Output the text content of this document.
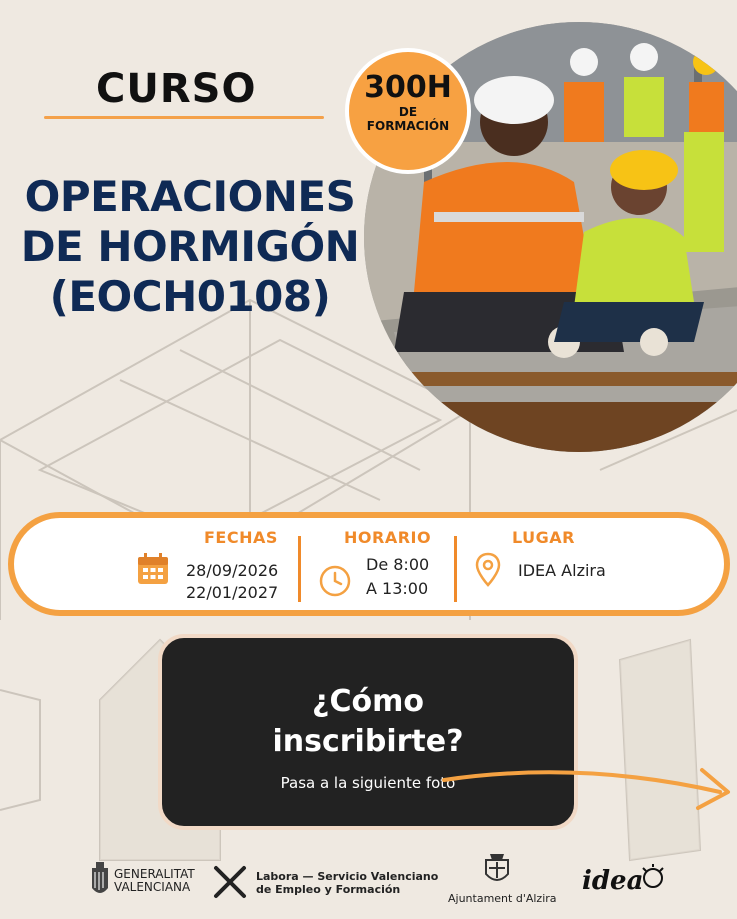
CURSO
OPERACIONES
DE HORMIGÓN
(EOCH0108)
300H
DE
FORMACIÓN
FECHAS
28/09/2026
22/01/2027
HORARIO
De 8:00
A 13:00
LUGAR
IDEA Alzira
¿Cómo
inscribirte?
Pasa a la siguiente foto
GENERALITAT
VALENCIANA
Labora — Servicio Valenciano
de Empleo y Formación
Ajuntament d'Alzira
idea
